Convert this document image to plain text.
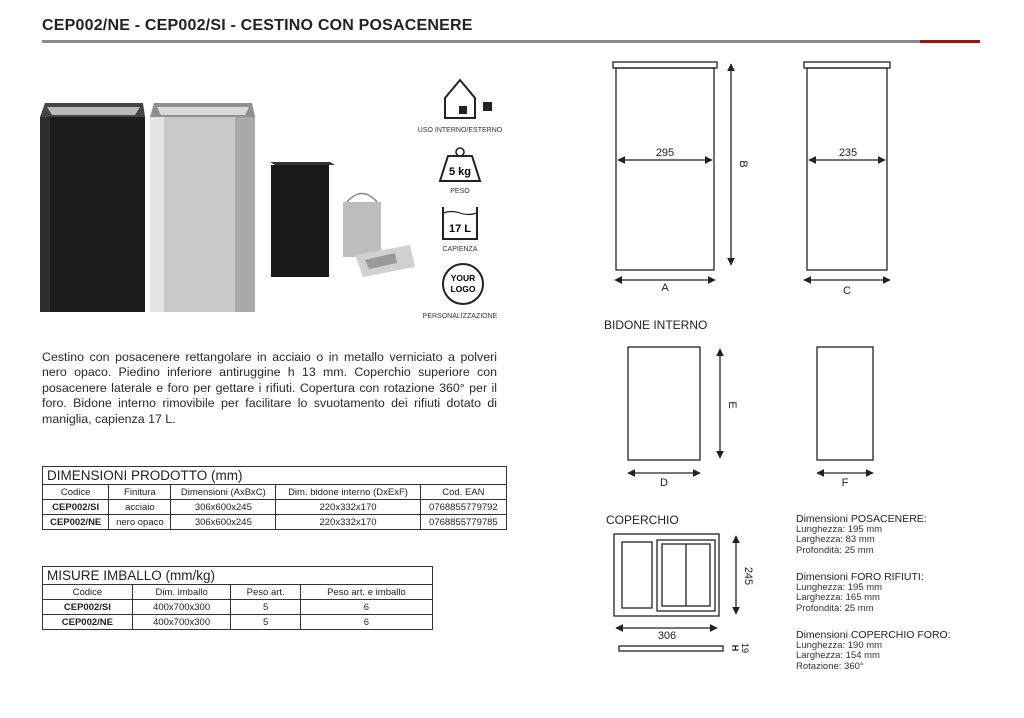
CEP002/NE - CEP002/SI - CESTINO CON POSACENERE
USO INTERNO/ESTERNO
5 kg
PESO
17 L
CAPIENZA
YOUR
LOGO
PERSONALIZZAZIONE
Cestino con posacenere rettangolare in acciaio o in metallo verniciato a polveri nero opaco. Piedino inferiore antiruggine h 13 mm. Coperchio superiore con posacenere laterale e foro per gettare i rifiuti. Copertura con rotazione 360° per il foro. Bidone interno rimovibile per facilitare lo svuotamento dei rifiuti dotato di maniglia, capienza 17 L.
DIMENSIONI PRODOTTO (mm)
Codice	Finitura	Dimensioni (AxBxC)	Dim. bidone interno (DxExF)	Cod. EAN
CEP002/SI	acciaio	306x600x245	220x332x170	0768855779792
CEP002/NE	nero opaco	306x600x245	220x332x170	0768855779785
MISURE IMBALLO (mm/kg)
Codice	Dim. imballo	Peso art.	Peso art. e imballo
CEP002/SI	400x700x300	5	6
CEP002/NE	400x700x300	5	6
295	235
A
B
C
D
E
F
245
306
H 19
BIDONE INTERNO
COPERCHIO	Dimensioni POSACENERE:
Lunghezza: 195 mm
Larghezza: 83 mm
Profondità: 25 mm
Dimensioni FORO RIFIUTI:
Lunghezza: 195 mm
Larghezza: 165 mm
Profondità: 25 mm
Dimensioni COPERCHIO FORO:
Lunghezza: 190 mm
Larghezza: 154 mm
Rotazione: 360°
